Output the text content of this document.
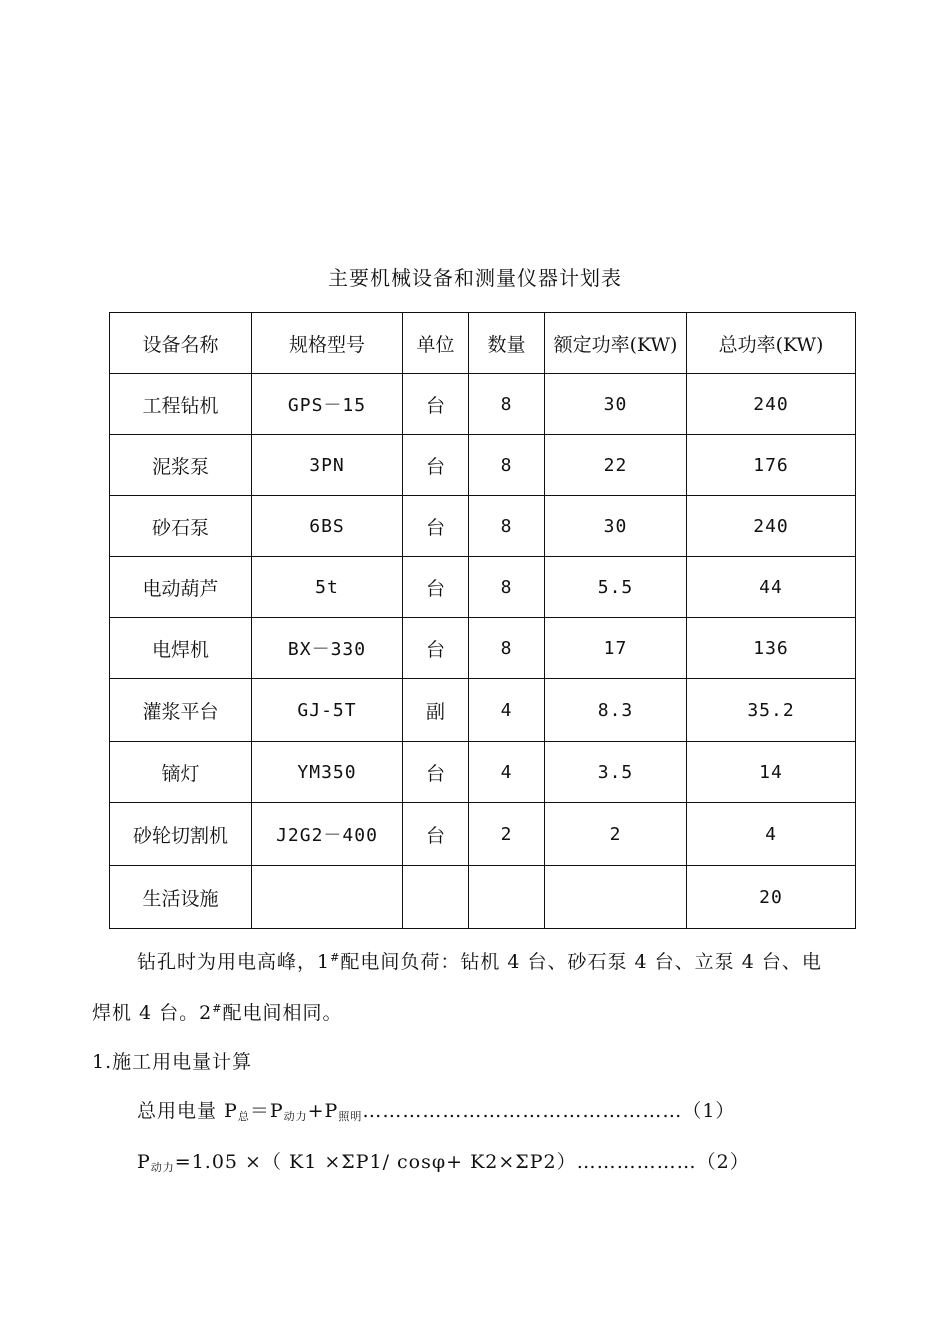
主要机械设备和测量仪器计划表
设备名称	规格型号	单位	数量	额定功率(KW)	总功率(KW)
工程钻机	GPS－15	台	8	30	240
泥浆泵	3PN	台	8	22	176
砂石泵	6BS	台	8	30	240
电动葫芦	5t	台	8	5.5	44
电焊机	BX－330	台	8	17	136
灌浆平台	GJ-5T	副	4	8.3	35.2
镝灯	YM350	台	4	3.5	14
砂轮切割机	J2G2－400	台	2	2	4
生活设施					20
钻孔时为用电高峰，1#配电间负荷：钻机 4 台、砂石泵 4 台、立泵 4 台、电
焊机 4 台。2#配电间相同。
1.施工用电量计算
总用电量 P总＝P动力+P照明…………………………………………（1）
P动力=1.05 ×（ K1 ×ΣP1/ cosφ+ K2×ΣP2）………………（2）
